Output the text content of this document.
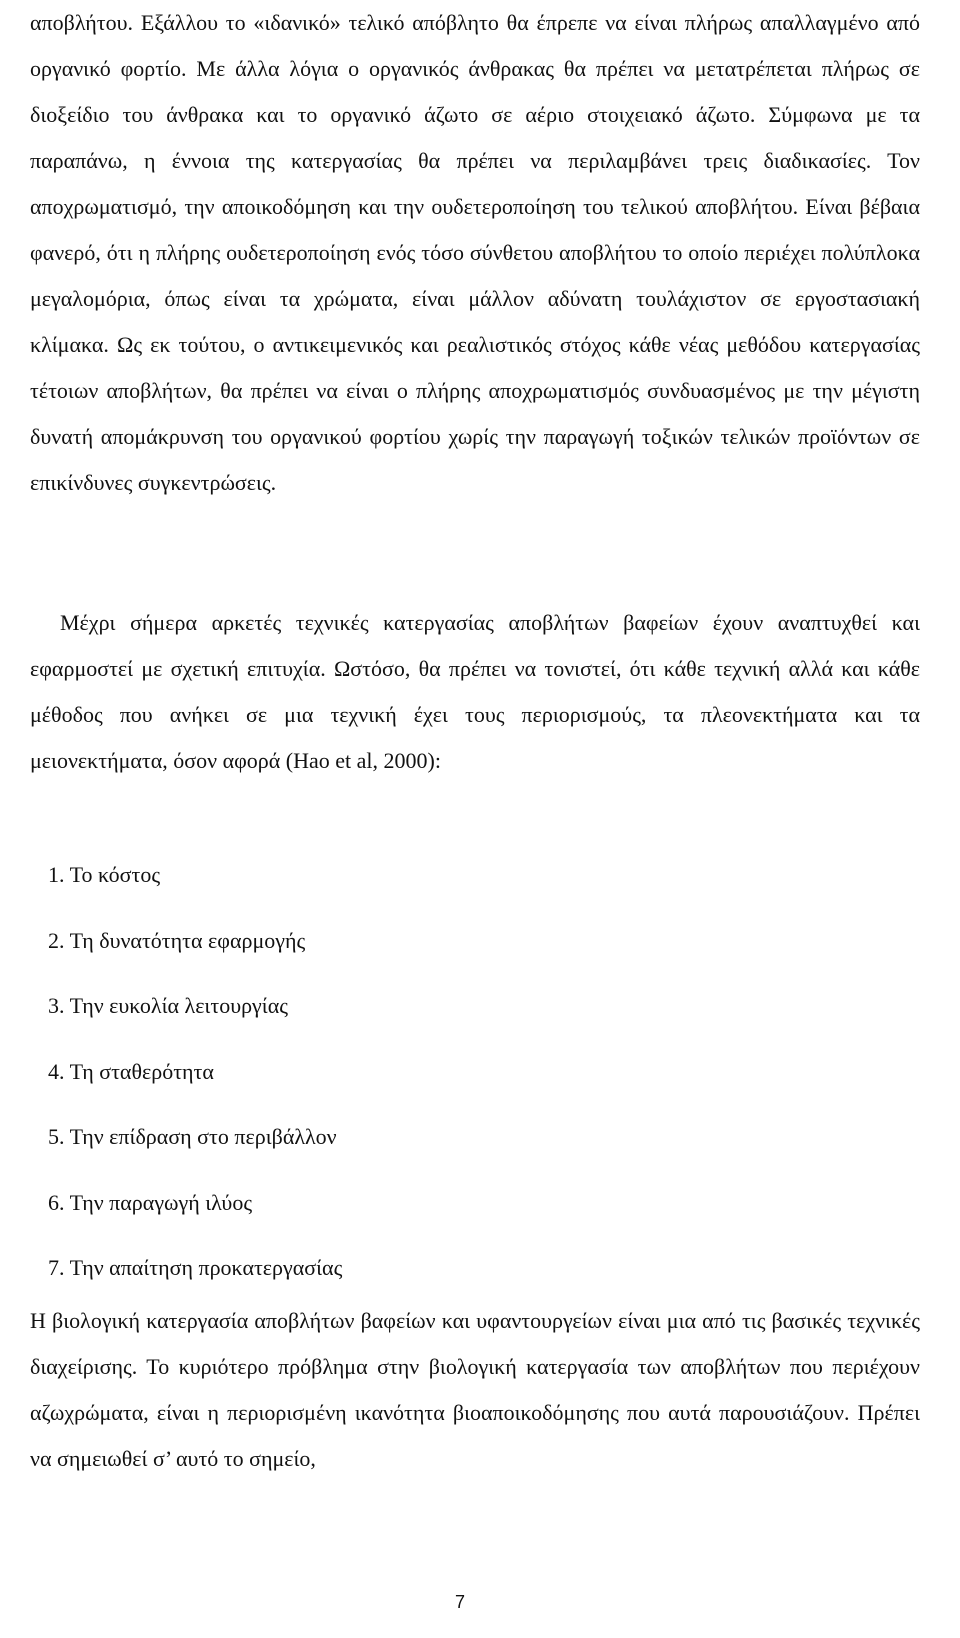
αποβλήτου. Εξάλλου το «ιδανικό» τελικό απόβλητο θα έπρεπε να είναι πλήρως απαλλαγμένο από οργανικό φορτίο. Με άλλα λόγια ο οργανικός άνθρακας θα πρέπει να μετατρέπεται πλήρως σε διοξείδιο του άνθρακα και το οργανικό άζωτο σε αέριο στοιχειακό άζωτο. Σύμφωνα με τα παραπάνω, η έννοια της κατεργασίας θα πρέπει να περιλαμβάνει τρεις διαδικασίες. Τον αποχρωματισμό, την αποικοδόμηση και την ουδετεροποίηση του τελικού αποβλήτου. Είναι βέβαια φανερό, ότι η πλήρης ουδετεροποίηση ενός τόσο σύνθετου αποβλήτου το οποίο περιέχει πολύπλοκα μεγαλομόρια, όπως είναι τα χρώματα, είναι μάλλον αδύνατη τουλάχιστον σε εργοστασιακή κλίμακα. Ως εκ τούτου, ο αντικειμενικός και ρεαλιστικός στόχος κάθε νέας μεθόδου κατεργασίας τέτοιων αποβλήτων, θα πρέπει να είναι ο πλήρης αποχρωματισμός συνδυασμένος με την μέγιστη δυνατή απομάκρυνση του οργανικού φορτίου χωρίς την παραγωγή τοξικών τελικών προϊόντων σε επικίνδυνες συγκεντρώσεις.
Μέχρι σήμερα αρκετές τεχνικές κατεργασίας αποβλήτων βαφείων έχουν αναπτυχθεί και εφαρμοστεί με σχετική επιτυχία. Ωστόσο, θα πρέπει να τονιστεί, ότι κάθε τεχνική αλλά και κάθε μέθοδος που ανήκει σε μια τεχνική έχει τους περιορισμούς, τα πλεονεκτήματα και τα μειονεκτήματα, όσον αφορά (Hao et al, 2000):
1. Το κόστος
2. Τη δυνατότητα εφαρμογής
3. Την ευκολία λειτουργίας
4. Τη σταθερότητα
5. Την επίδραση στο περιβάλλον
6. Την παραγωγή ιλύος
7. Την απαίτηση προκατεργασίας
Η βιολογική κατεργασία αποβλήτων βαφείων και υφαντουργείων είναι μια από τις βασικές τεχνικές διαχείρισης. Το κυριότερο πρόβλημα στην βιολογική κατεργασία των αποβλήτων που περιέχουν αζωχρώματα, είναι η περιορισμένη ικανότητα βιοαποικοδόμησης που αυτά παρουσιάζουν. Πρέπει να σημειωθεί σ’ αυτό το σημείο,
7
